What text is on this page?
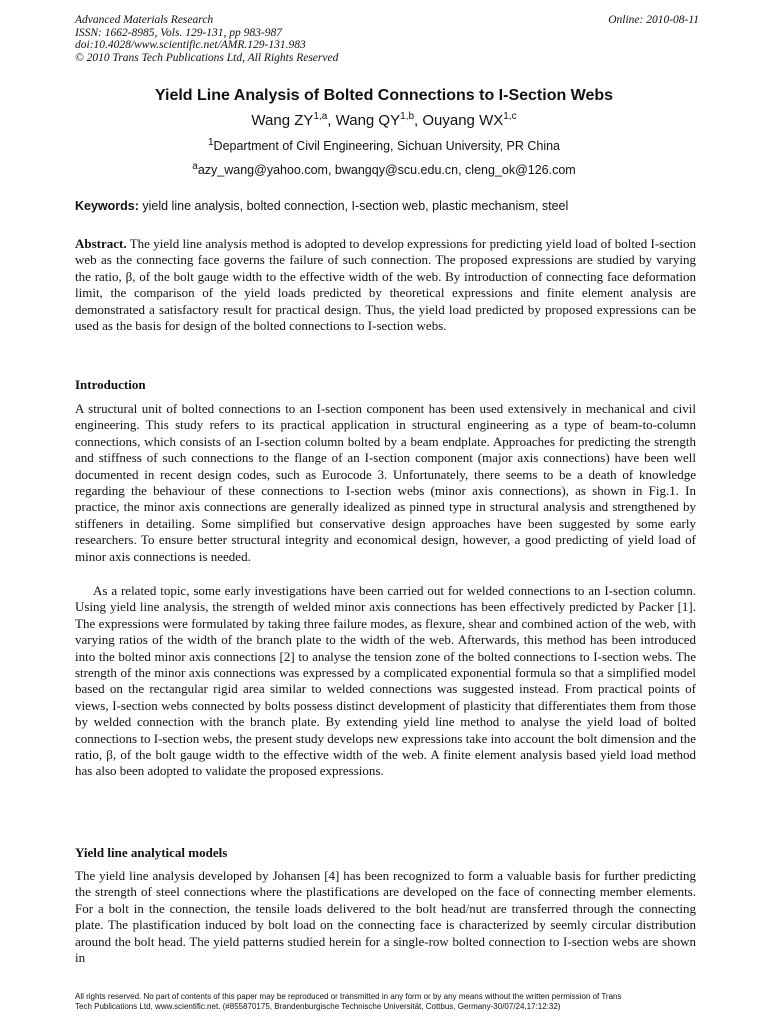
Advanced Materials Research
ISSN: 1662-8985, Vols. 129-131, pp 983-987
doi:10.4028/www.scientific.net/AMR.129-131.983
© 2010 Trans Tech Publications Ltd, All Rights Reserved
Online: 2010-08-11
Yield Line Analysis of Bolted Connections to I-Section Webs
Wang ZY$^{1,a}$, Wang QY$^{1,b}$, Ouyang WX$^{1,c}$
$^1$Department of Civil Engineering, Sichuan University, PR China
$^a$azy_wang@yahoo.com, bwangqy@scu.edu.cn, cleng_ok@126.com
Keywords: yield line analysis, bolted connection, I-section web, plastic mechanism, steel

Abstract. The yield line analysis method is adopted to develop expressions for predicting yield load of bolted I-section web as the connecting face governs the failure of such connection. The proposed expressions are studied by varying the ratio, β, of the bolt gauge width to the effective width of the web. By introduction of connecting face deformation limit, the comparison of the yield loads predicted by theoretical expressions and finite element analysis are demonstrated a satisfactory result for practical design. Thus, the yield load predicted by proposed expressions can be used as the basis for design of the bolted connections to I-section webs.

Introduction

A structural unit of bolted connections to an I-section component has been used extensively in mechanical and civil engineering. This study refers to its practical application in structural engineering as a type of beam-to-column connections, which consists of an I-section column bolted by a beam endplate. Approaches for predicting the strength and stiffness of such connections to the flange of an I-section component (major axis connections) have been well documented in recent design codes, such as Eurocode 3. Unfortunately, there seems to be a death of knowledge regarding the behaviour of these connections to I-section webs (minor axis connections), as shown in Fig.1. In practice, the minor axis connections are generally idealized as pinned type in structural analysis and strengthened by stiffeners in detailing. Some simplified but conservative design approaches have been suggested by some early researchers. To ensure better structural integrity and economical design, however, a good predicting of yield load of minor axis connections is needed.

As a related topic, some early investigations have been carried out for welded connections to an I-section column. Using yield line analysis, the strength of welded minor axis connections has been effectively predicted by Packer [1]. The expressions were formulated by taking three failure modes, as flexure, shear and combined action of the web, with varying ratios of the width of the branch plate to the width of the web. Afterwards, this method has been introduced into the bolted minor axis connections [2] to analyse the tension zone of the bolted connections to I-section webs. The strength of the minor axis connections was expressed by a complicated exponential formula so that a simplified model based on the rectangular rigid area similar to welded connections was suggested instead. From practical points of views, I-section webs connected by bolts possess distinct development of plasticity that differentiates them from those by welded connection with the branch plate. By extending yield line method to analyse the yield load of bolted connections to I-section webs, the present study develops new expressions take into account the bolt dimension and the ratio, β, of the bolt gauge width to the effective width of the web. A finite element analysis based yield load method has also been adopted to validate the proposed expressions.

Yield line analytical models

The yield line analysis developed by Johansen [4] has been recognized to form a valuable basis for further predicting the strength of steel connections where the plastifications are developed on the face of connecting member elements. For a bolt in the connection, the tensile loads delivered to the bolt head/nut are transferred through the connecting plate. The plastification induced by bolt load on the connecting face is characterized by seemly circular distribution around the bolt head. The yield patterns studied herein for a single-row bolted connection to I-section webs are shown in

All rights reserved. No part of contents of this paper may be reproduced or transmitted in any form or by any means without the written permission of Trans
Tech Publications Ltd, www.scientific.net. (#855870175, Brandenburgische Technische Universität, Cottbus, Germany-30/07/24,17:12:32)
